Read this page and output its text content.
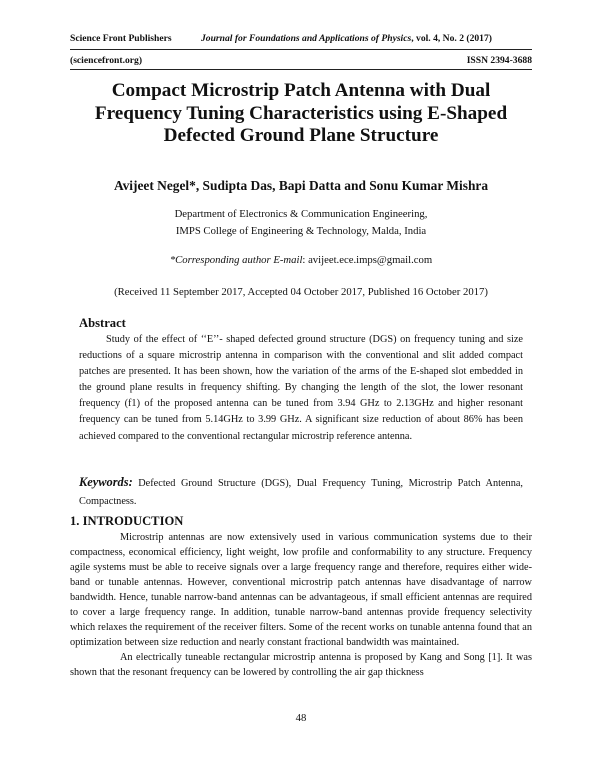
Science Front Publishers	Journal for Foundations and Applications of Physics, vol. 4, No. 2 (2017)
(sciencefront.org)	ISSN 2394-3688
Compact Microstrip Patch Antenna with Dual Frequency Tuning Characteristics using E-Shaped Defected Ground Plane Structure
Avijeet Negel*, Sudipta Das, Bapi Datta and Sonu Kumar Mishra
Department of Electronics & Communication Engineering,
IMPS College of Engineering & Technology, Malda, India
*Corresponding author E-mail: avijeet.ece.imps@gmail.com
(Received 11 September 2017, Accepted 04 October 2017, Published 16 October 2017)
Abstract
Study of the effect of ‘‘E’’- shaped defected ground structure (DGS) on frequency tuning and size reductions of a square microstrip antenna in comparison with the conventional and slit added compact patches are presented. It has been shown, how the variation of the arms of the E-shaped slot embedded in the ground plane results in frequency shifting. By changing the length of the slot, the lower resonant frequency (f1) of the proposed antenna can be tuned from 3.94 GHz to 2.13GHz and higher resonant frequency can be tuned from 5.14GHz to 3.99 GHz. A significant size reduction of about 86% has been achieved compared to the conventional rectangular microstrip reference antenna.
Keywords: Defected Ground Structure (DGS), Dual Frequency Tuning, Microstrip Patch Antenna, Compactness.
1. INTRODUCTION

Microstrip antennas are now extensively used in various communication systems due to their compactness, economical efficiency, light weight, low profile and conformability to any structure. Frequency agile systems must be able to receive signals over a large frequency range and therefore, requires either wide-band or tunable antennas. However, conventional microstrip patch antennas have disadvantage of narrow bandwidth. Hence, tunable narrow-band antennas can be advantageous, if small efficient antennas are required to cover a large frequency range. In addition, tunable narrow-band antennas provide frequency selectivity which relaxes the requirement of the receiver filters. Some of the recent works on tunable antenna found that an optimization between size reduction and nearly constant fractional bandwidth was maintained.

An electrically tuneable rectangular microstrip antenna is proposed by Kang and Song [1]. It was shown that the resonant frequency can be lowered by controlling the air gap thickness

48
